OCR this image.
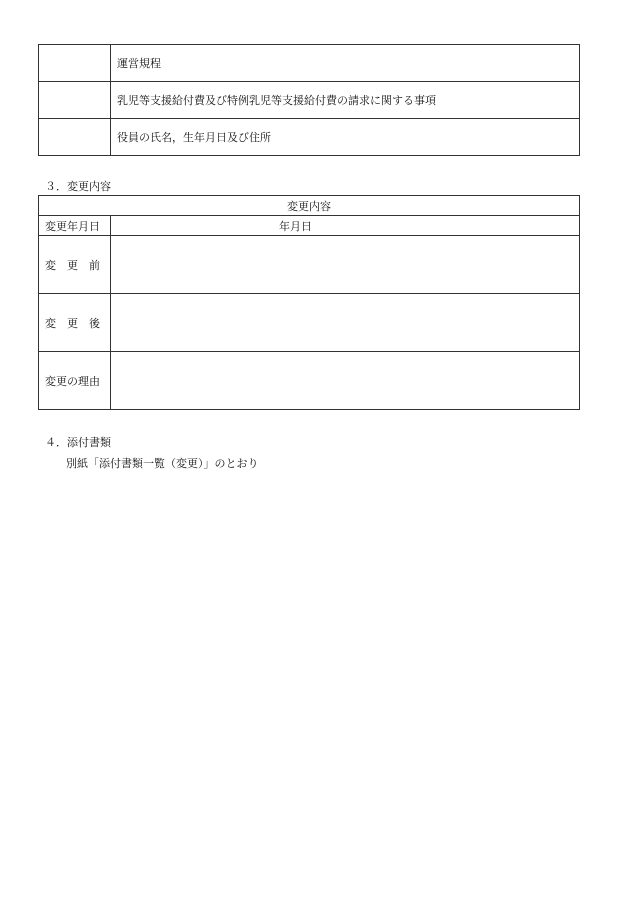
	運営規程
	乳児等支援給付費及び特例乳児等支援給付費の請求に関する事項
	役員の氏名，生年月日及び住所
３．変更内容
変更内容	
変更年月日	年月日

変　更　前	
変　更　後	
変更の理由	
４．添付書類
別紙「添付書類一覧（変更）」のとおり
